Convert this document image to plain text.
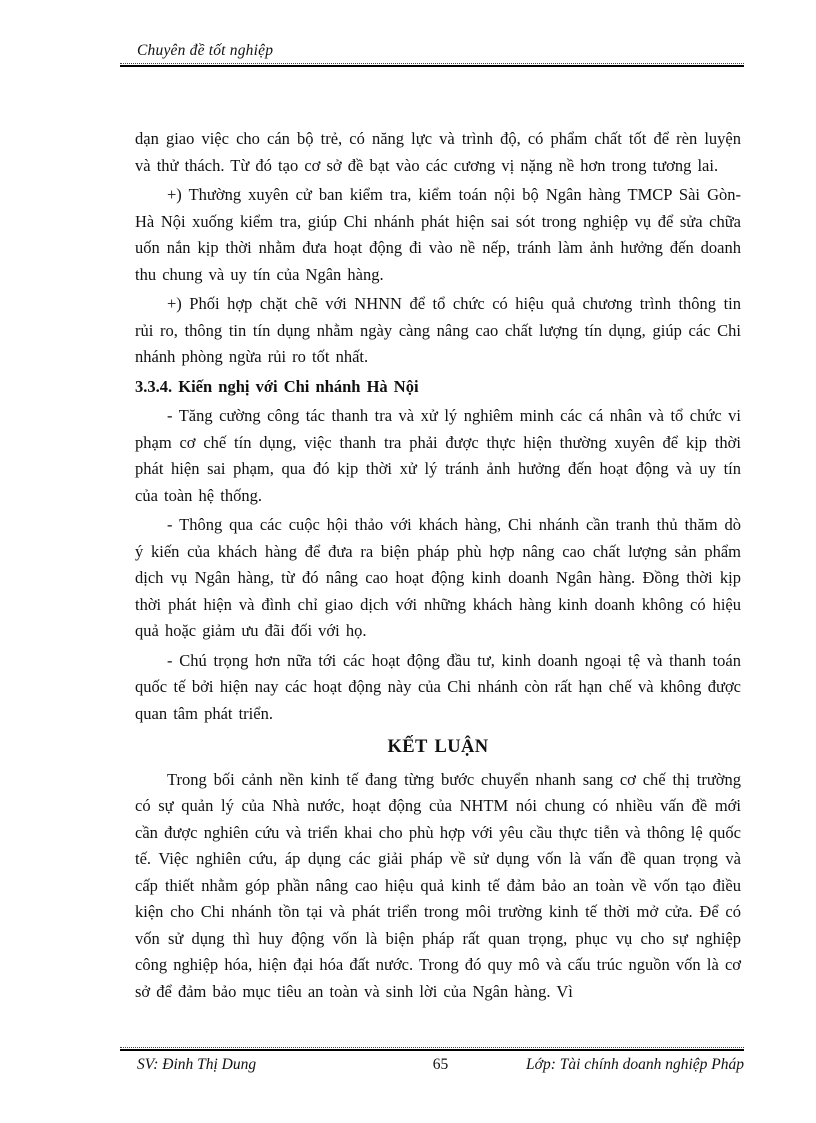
Chuyên đề tốt nghiệp

dạn giao việc cho cán bộ trẻ, có năng lực và trình độ, có phẩm chất tốt để rèn luyện và thử thách. Từ đó tạo cơ sở đề bạt vào các cương vị nặng nề hơn trong tương lai.

+) Thường xuyên cử ban kiểm tra, kiểm toán nội bộ Ngân hàng TMCP Sài Gòn-Hà Nội xuống kiểm tra, giúp Chi nhánh phát hiện sai sót trong nghiệp vụ để sửa chữa uốn nắn kịp thời nhằm đưa hoạt động đi vào nề nếp, tránh làm ảnh hưởng đến doanh thu chung và uy tín của Ngân hàng.

+) Phối hợp chặt chẽ với NHNN để tổ chức có hiệu quả chương trình thông tin rủi ro, thông tin tín dụng nhằm ngày càng nâng cao chất lượng tín dụng, giúp các Chi nhánh phòng ngừa rủi ro tốt nhất.

3.3.4. Kiến nghị với Chi nhánh Hà Nội

- Tăng cường công tác thanh tra và xử lý nghiêm minh các cá nhân và tổ chức vi phạm cơ chế tín dụng, việc thanh tra phải được thực hiện thường xuyên để kịp thời phát hiện sai phạm, qua đó kịp thời xử lý tránh ảnh hưởng đến hoạt động và uy tín của toàn hệ thống.

- Thông qua các cuộc hội thảo với khách hàng, Chi nhánh cần tranh thủ thăm dò ý kiến của khách hàng để đưa ra biện pháp phù hợp nâng cao chất lượng sản phẩm dịch vụ Ngân hàng, từ đó nâng cao hoạt động kinh doanh Ngân hàng. Đồng thời kịp thời phát hiện và đình chỉ giao dịch với những khách hàng kinh doanh không có hiệu quả hoặc giảm ưu đãi đối với họ.

- Chú trọng hơn nữa tới các hoạt động đầu tư, kinh doanh ngoại tệ và thanh toán quốc tế bởi hiện nay các hoạt động này của Chi nhánh còn rất hạn chế và không được quan tâm phát triển.

KẾT LUẬN

Trong bối cảnh nền kinh tế đang từng bước chuyển nhanh sang cơ chế thị trường có sự quản lý của Nhà nước, hoạt động của NHTM nói chung có nhiều vấn đề mới cần được nghiên cứu và triển khai cho phù hợp với yêu cầu thực tiễn và thông lệ quốc tế. Việc nghiên cứu, áp dụng các giải pháp về sử dụng vốn là vấn đề quan trọng và cấp thiết nhằm góp phần nâng cao hiệu quả kinh tế đảm bảo an toàn về vốn tạo điều kiện cho Chi nhánh tồn tại và phát triển trong môi trường kinh tế thời mở cửa. Để có vốn sử dụng thì huy động vốn là biện pháp rất quan trọng, phục vụ cho sự nghiệp công nghiệp hóa, hiện đại hóa đất nước. Trong đó quy mô và cấu trúc nguồn vốn là cơ sở để đảm bảo mục tiêu an toàn và sinh lời của Ngân hàng. Vì

SV: Đinh Thị Dung	65	Lớp: Tài chính doanh nghiệp Pháp
